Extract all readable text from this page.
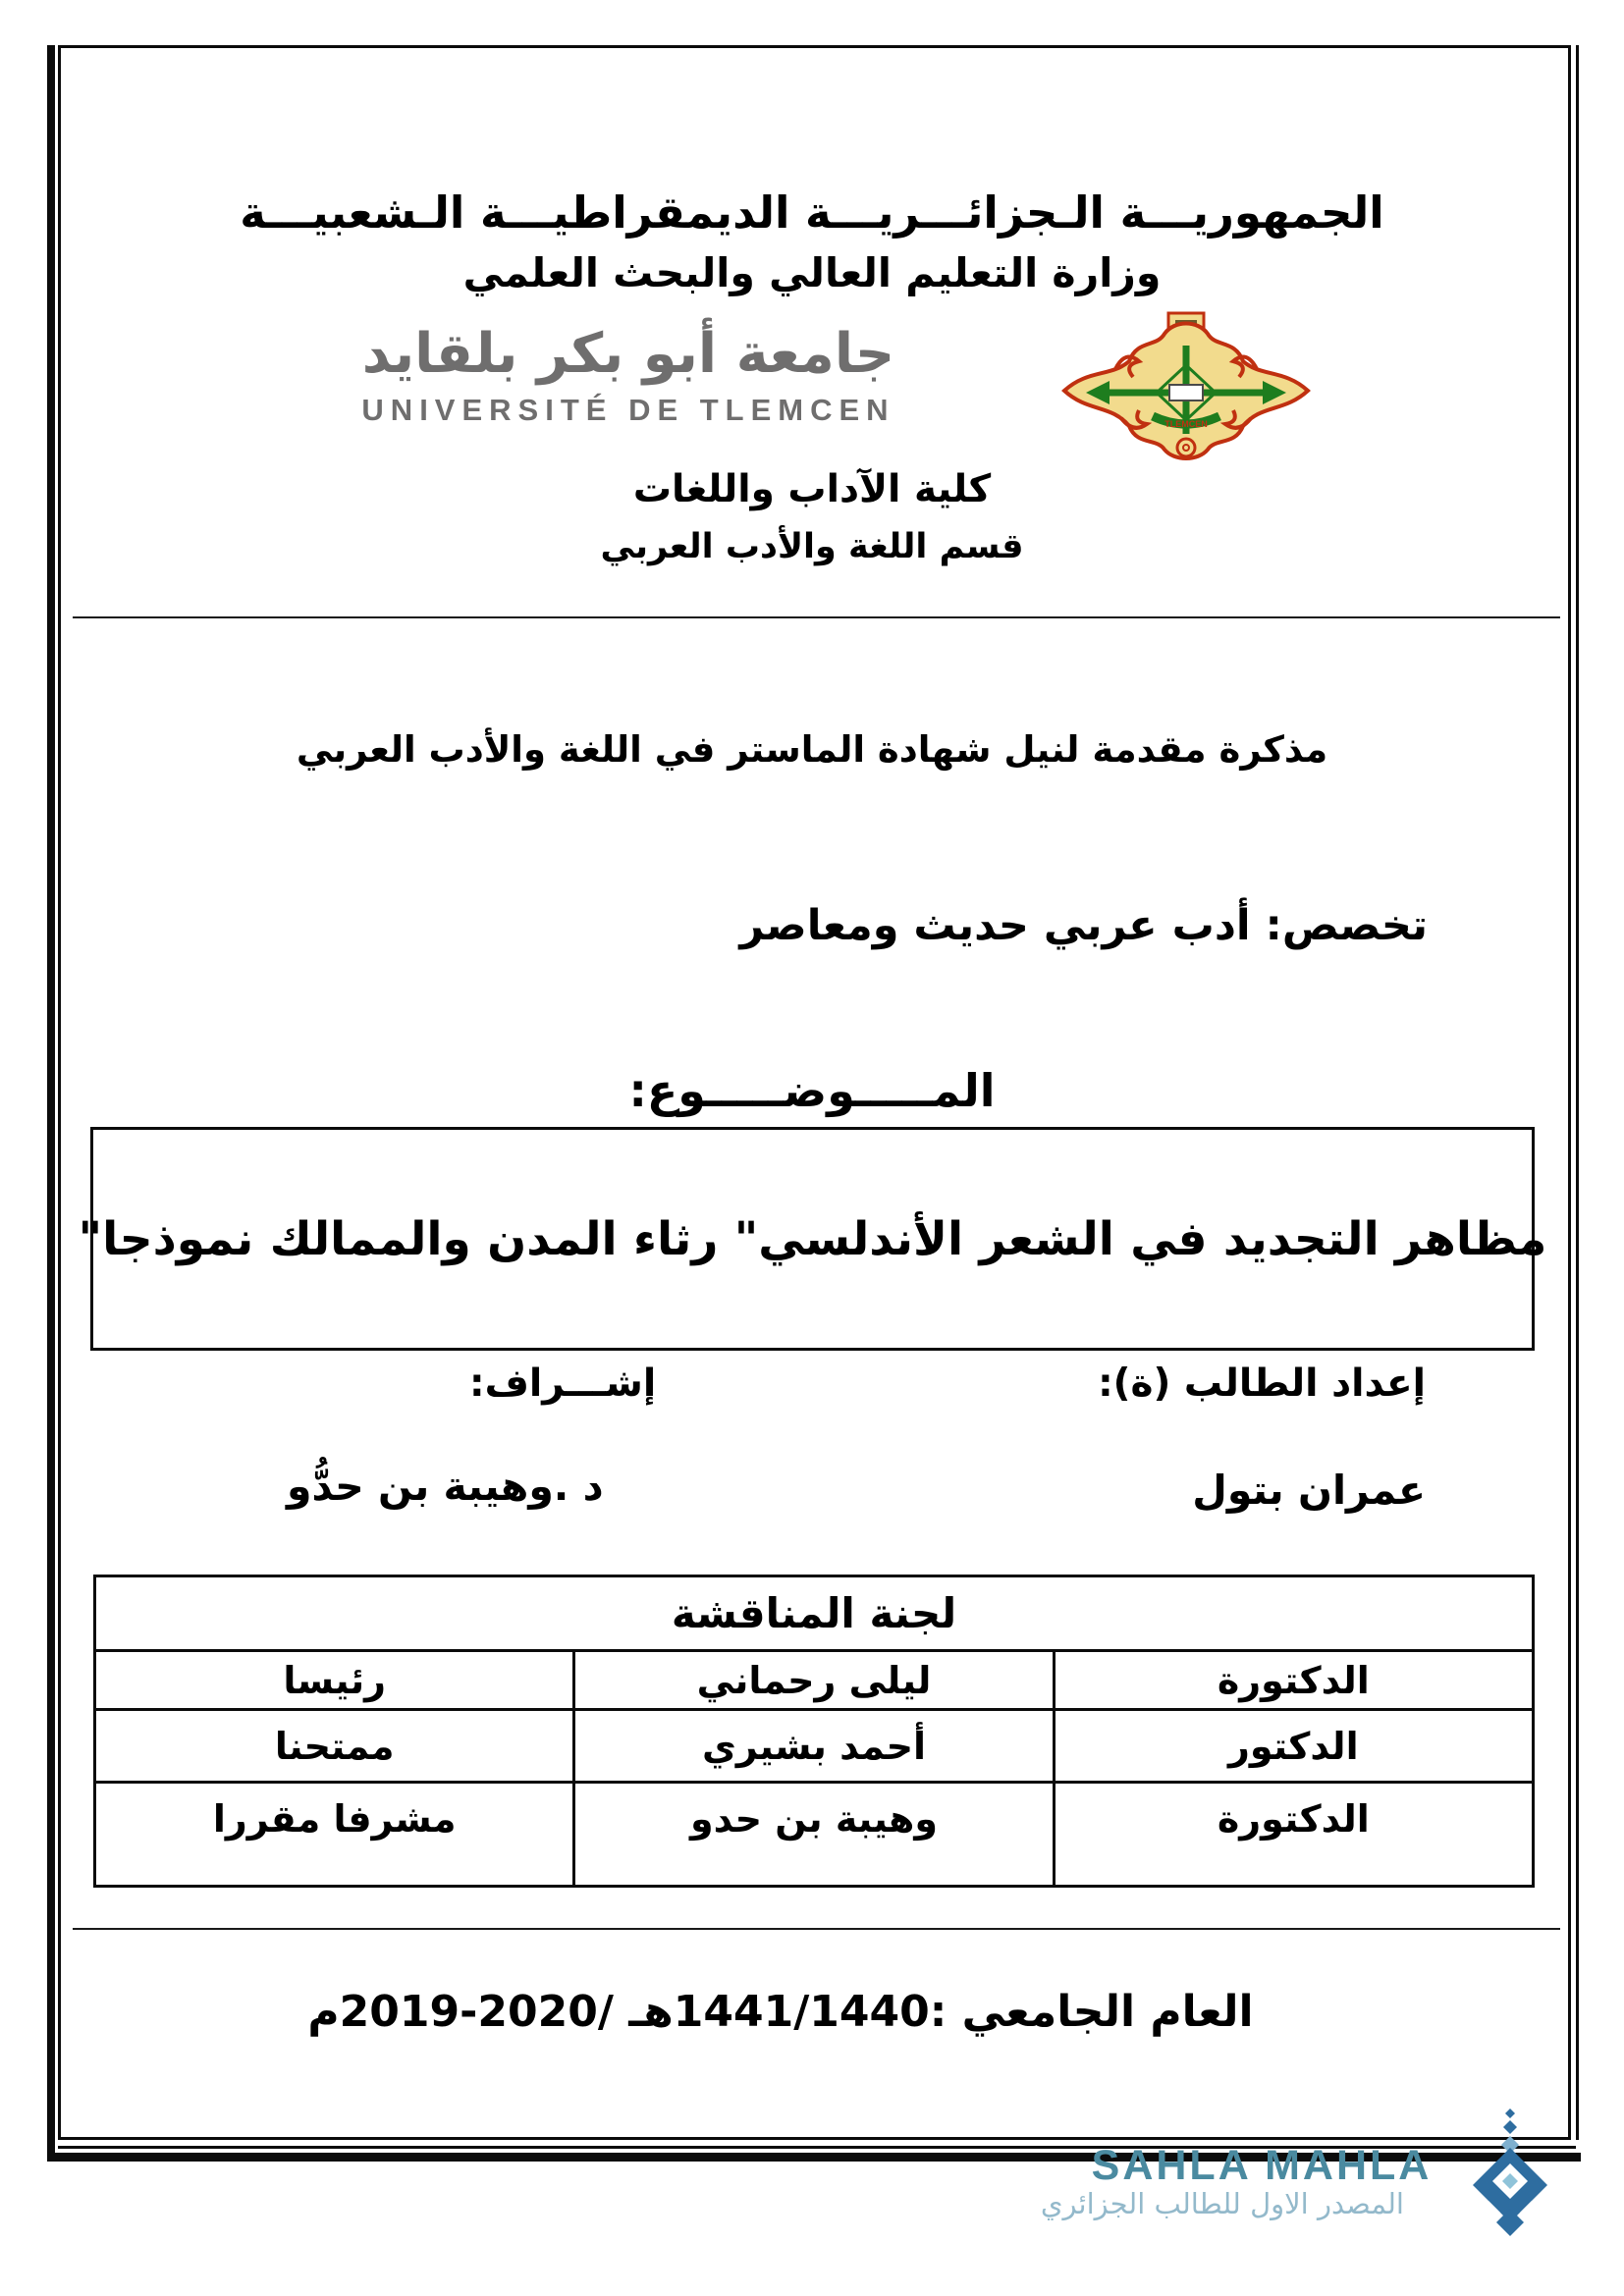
الجمهوريـــة الـجزائـــريـــة الديمقراطيـــة الـشعبيـــة
وزارة التعليم العالي والبحث العلمي
جامعة أبو بكر بلقايد
UNIVERSITÉ DE TLEMCEN	TLEMCEN
كلية الآداب واللغات
قسم اللغة والأدب العربي
مذكرة مقدمة لنيل شهادة الماستر في اللغة والأدب العربي
تخصص: أدب عربي حديث ومعاصر
المـــــوضـــــوع:
مظاهر التجديد في الشعر الأندلسي" رثاء المدن والممالك نموذجا"
إعداد الطالب (ة):
إشـــراف:
عمران بتول
د .وهيبة بن حدُّو
لجنة المناقشة		
الدكتورة	ليلى رحماني	رئيسا
الدكتور	أحمد بشيري	ممتحنا
الدكتورة	وهيبة بن حدو	مشرفا مقررا
العام الجامعي :1441/1440هـ /2020-2019م
SAHLA MAHLA
المصدر الاول للطالب الجزائري
